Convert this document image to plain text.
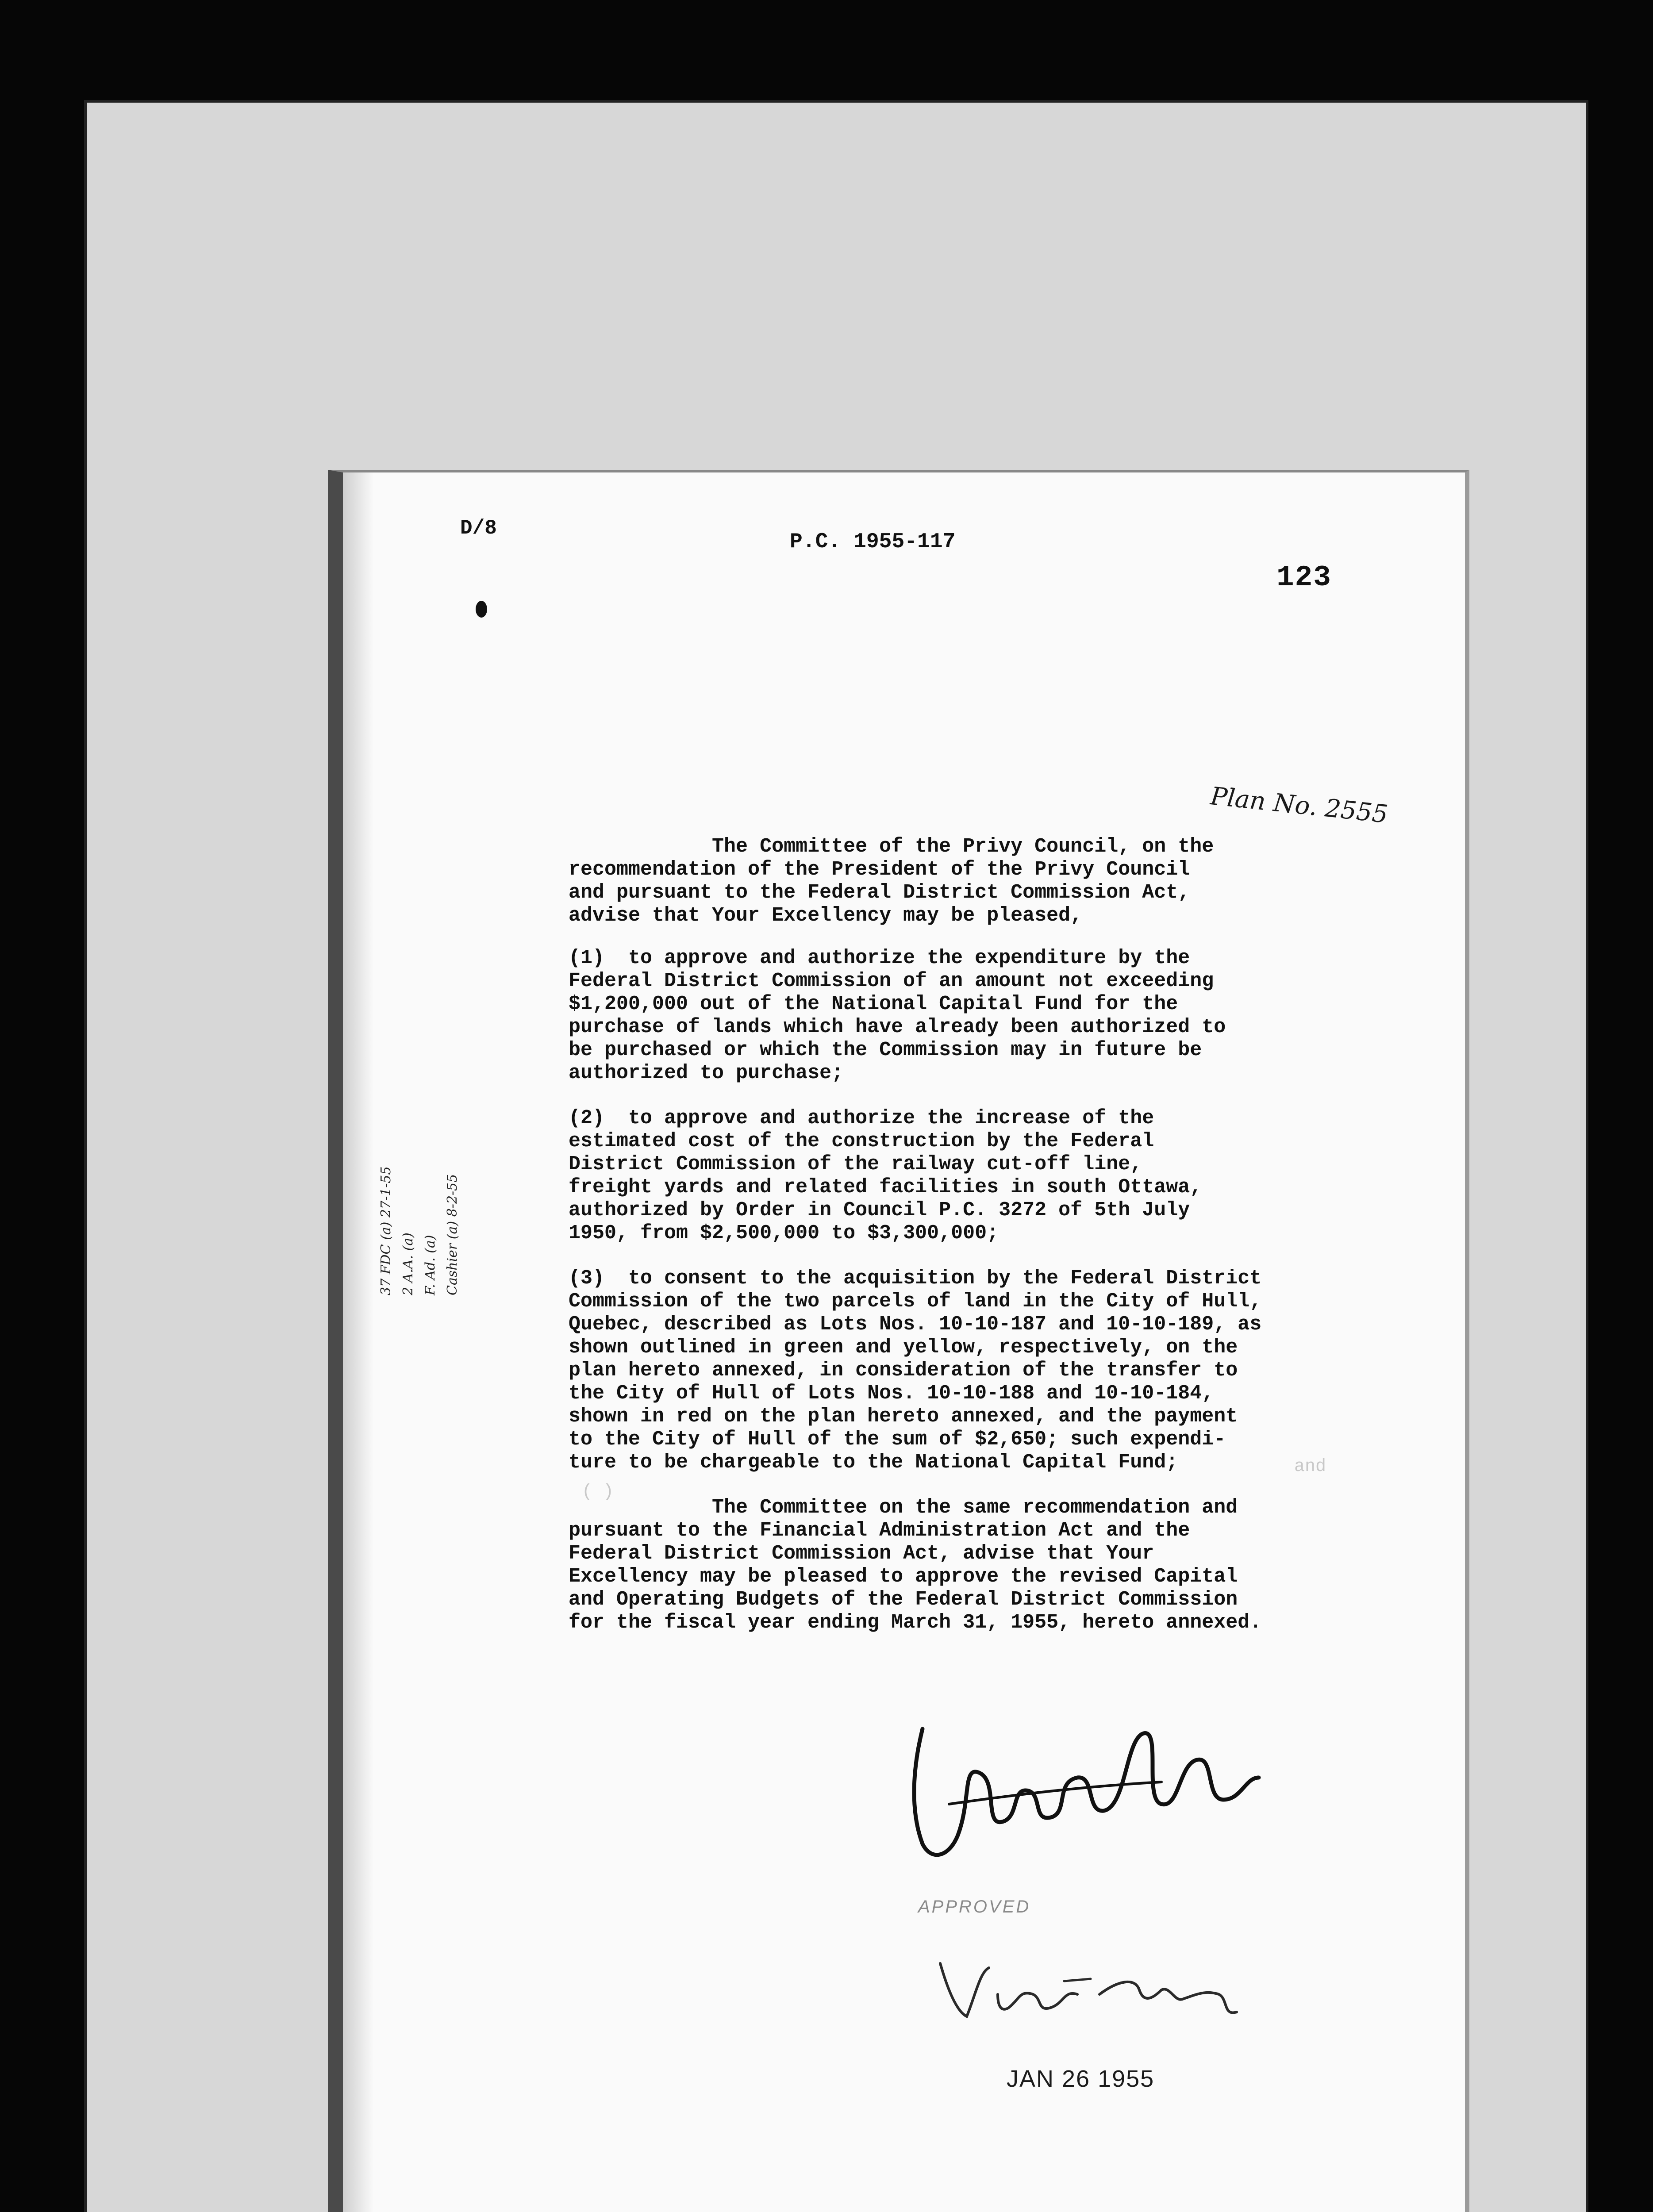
D/8
P.C. 1955-117
123
Plan No. 2555
37 FDC (a) 27-1-55 2 A.A. (a) F. Ad. (a) Cashier (a) 8-2-55
The Committee of the Privy Council, on the
recommendation of the President of the Privy Council
and pursuant to the Federal District Commission Act,
advise that Your Excellency may be pleased,
(1)  to approve and authorize the expenditure by the
Federal District Commission of an amount not exceeding
$1,200,000 out of the National Capital Fund for the
purchase of lands which have already been authorized to
be purchased or which the Commission may in future be
authorized to purchase;
(2)  to approve and authorize the increase of the
estimated cost of the construction by the Federal
District Commission of the railway cut-off line,
freight yards and related facilities in south Ottawa,
authorized by Order in Council P.C. 3272 of 5th July
1950, from $2,500,000 to $3,300,000;
(3)  to consent to the acquisition by the Federal District
Commission of the two parcels of land in the City of Hull,
Quebec, described as Lots Nos. 10-10-187 and 10-10-189, as
shown outlined in green and yellow, respectively, on the
plan hereto annexed, in consideration of the transfer to
the City of Hull of Lots Nos. 10-10-188 and 10-10-184,
shown in red on the plan hereto annexed, and the payment
to the City of Hull of the sum of $2,650; such expendi-
ture to be chargeable to the National Capital Fund;
The Committee on the same recommendation and
pursuant to the Financial Administration Act and the
Federal District Commission Act, advise that Your
Excellency may be pleased to approve the revised Capital
and Operating Budgets of the Federal District Commission
for the fiscal year ending March 31, 1955, hereto annexed.
and
( )
APPROVED
JAN 26 1955
